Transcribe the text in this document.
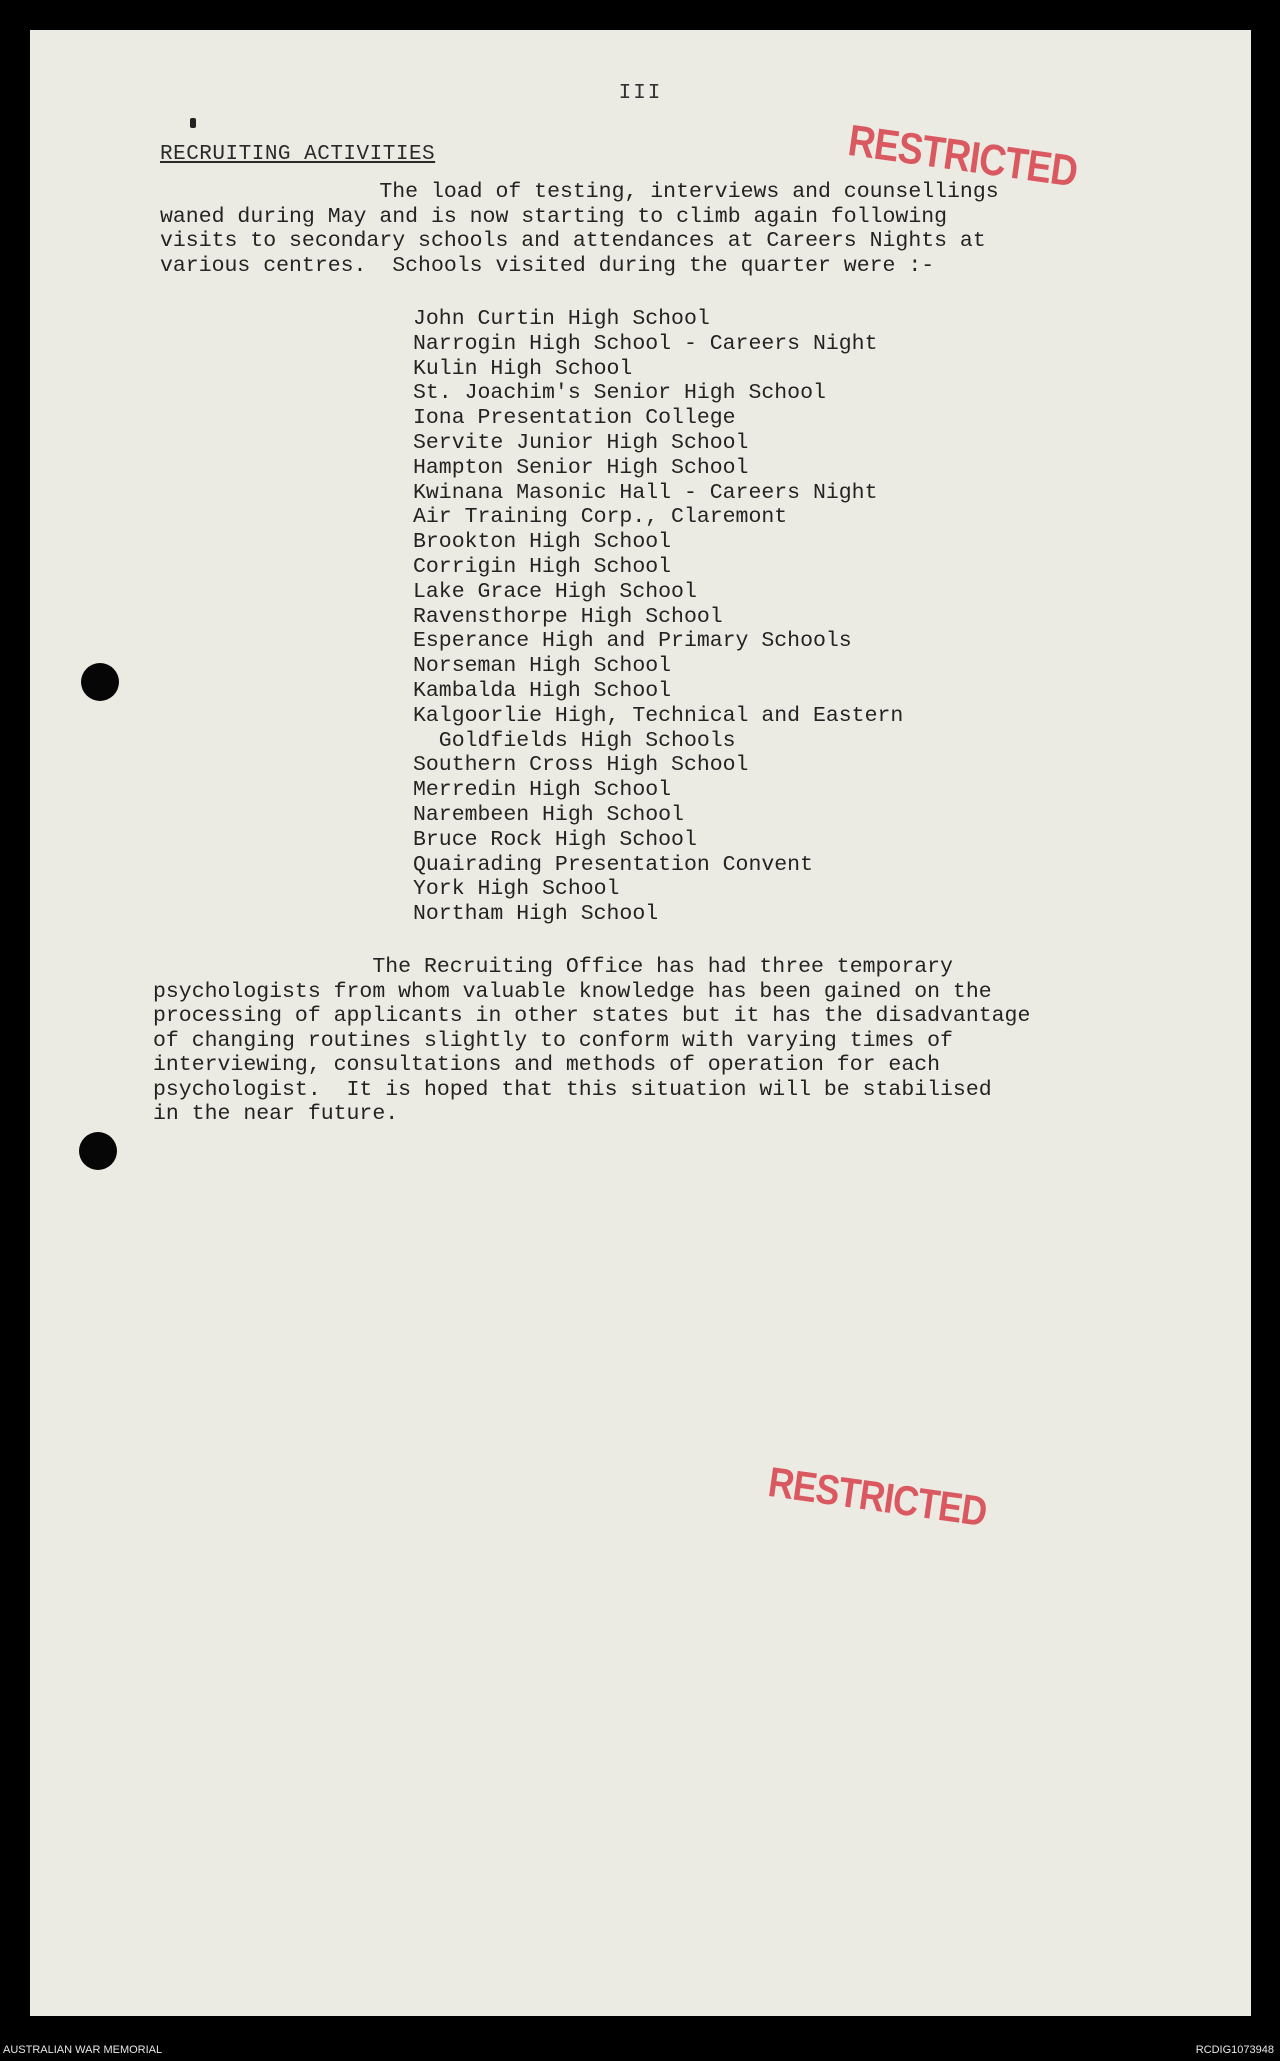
III
RECRUITING ACTIVITIES

The load of testing, interviews and counsellings
waned during May and is now starting to climb again following
visits to secondary schools and attendances at Careers Nights at
various centres.  Schools visited during the quarter were :-

John Curtin High School
Narrogin High School - Careers Night
Kulin High School
St. Joachim's Senior High School
Iona Presentation College
Servite Junior High School
Hampton Senior High School
Kwinana Masonic Hall - Careers Night
Air Training Corp., Claremont
Brookton High School
Corrigin High School
Lake Grace High School
Ravensthorpe High School
Esperance High and Primary Schools
Norseman High School
Kambalda High School
Kalgoorlie High, Technical and Eastern
Goldfields High Schools
Southern Cross High School
Merredin High School
Narembeen High School
Bruce Rock High School
Quairading Presentation Convent
York High School
Northam High School

The Recruiting Office has had three temporary
psychologists from whom valuable knowledge has been gained on the
processing of applicants in other states but it has the disadvantage
of changing routines slightly to conform with varying times of
interviewing, consultations and methods of operation for each
psychologist.  It is hoped that this situation will be stabilised
in the near future.

RESTRICTED
RESTRICTED
AUSTRALIAN WAR MEMORIAL	RCDIG1073948
